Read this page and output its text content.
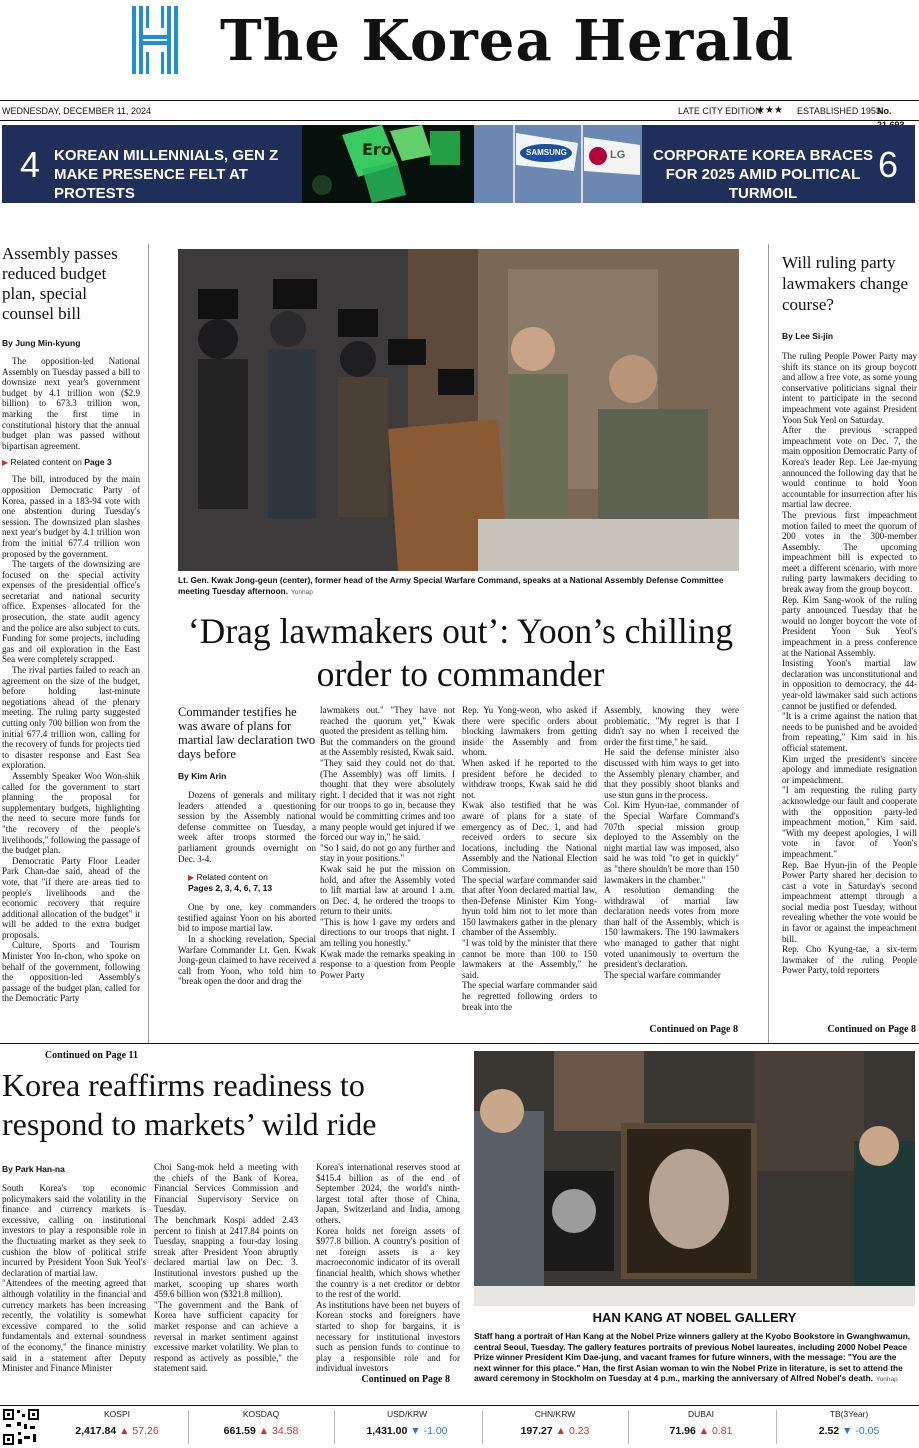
The Korea Herald
WEDNESDAY, DECEMBER 11, 2024	LATE CITY EDITION
★★★ ESTABLISHED 1953
No.
4 KOREAN MILLENNIALS, GEN Z MAKE PRESENCE FELT AT PROTESTS
Ero	SAMSUNG	LG	CORPORATE KOREA BRACES FOR 2025 AMID POLITICAL TURMOIL
6
Assembly passes reduced budget plan, special counsel bill
By Jung Min-kyung

The opposition-led National Assembly on Tuesday passed a bill to downsize next year's government budget by 4.1 trillion won ($2.9 billion) to 673.3 trillion won, marking the first time in constitutional history that the annual budget plan was passed without bipartisan agreement.

▶ Related content on Page 3

The bill, introduced by the main opposition Democratic Party of Korea, passed in a 183-94 vote with one abstention during Tuesday's session. The downsized plan slashes next year's budget by 4.1 trillion won from the initial 677.4 trillion won proposed by the government.

The targets of the downsizing are focused on the special activity expenses of the presidential office's secretariat and national security office. Expenses allocated for the prosecution, the state audit agency and the police are also subject to cuts. Funding for some projects, including gas and oil exploration in the East Sea were completely scrapped.

The rival parties failed to reach an agreement on the size of the budget, before holding last-minute negotiations ahead of the plenary meeting. The ruling party suggested cutting only 700 billion won from the initial 677.4 trillion won, calling for the recovery of funds for projects tied to disaster response and East Sea exploration.

Assembly Speaker Woo Won-shik called for the government to start planning the proposal for supplementary budgets, highlighting the need to secure more funds for "the recovery of the people's livelihoods," following the passage of the budget plan.

Democratic Party Floor Leader Park Chan-dae said, ahead of the vote, that "if there are areas tied to people's livelihoods and the economic recovery that require additional allocation of the budget" it will be added to the extra budget proposals.

Culture, Sports and Tourism Minister Yoo In-chon, who spoke on behalf of the government, following the opposition-led Assembly's passage of the budget plan, called for the Democratic Party

Continued on Page 11
Lt. Gen. Kwak Jong-geun (center), former head of the Army Special Warfare Command, speaks at a National Assembly Defense Committee meeting Tuesday afternoon. Yonhap
‘Drag lawmakers out’: Yoon’s chilling order to commander
Commander testifies he was aware of plans for martial law declaration two days before
By Kim Arin

Dozens of generals and military leaders attended a questioning session by the Assembly national defense committee on Tuesday, a week after troops stormed the parliament grounds overnight on Dec. 3-4.

▶ Related content on
Pages 2, 3, 4, 6, 7, 13

One by one, key commanders testified against Yoon on his aborted bid to impose martial law.

In a shocking revelation, Special Warfare Commander Lt. Gen. Kwak Jong-geun claimed to have received a call from Yoon, who told him to "break open the door and drag the

lawmakers out." "They have not reached the quorum yet," Kwak quoted the president as telling him.
But the commanders on the ground at the Assembly resisted, Kwak said.
"They said they could not do that. (The Assembly) was off limits. I thought that they were absolutely right. I decided that it was not right for our troops to go in, because they would be committing crimes and too many people would get injured if we forced our way in," he said.
"So I said, do not go any further and stay in your positions."
Kwak said he put the mission on hold, and after the Assembly voted to lift martial law at around 1 a.m. on Dec. 4, he ordered the troops to return to their units.
"This is how I gave my orders and directions to our troops that night. I am telling you honestly."
Kwak made the remarks speaking in response to a question from People Power Party
Rep. Yu Yong-weon, who asked if there were specific orders about blocking lawmakers from getting inside the Assembly and from whom.
When asked if he reported to the president before he decided to withdraw troops, Kwak said he did not.
Kwak also testified that he was aware of plans for a state of emergency as of Dec. 1, and had received orders to secure six locations, including the National Assembly and the National Election Commission.
The special warfare commander said that after Yoon declared martial law, then-Defense Minister Kim Yong-hyun told him not to let more than 150 lawmakers gather in the plenary chamber of the Assembly.
"I was told by the minister that there cannot be more than 100 to 150 lawmakers at the Assembly," he said.
The special warfare commander said he regretted following orders to break into the
Assembly, knowing they were problematic. "My regret is that I didn't say no when I received the order the first time," he said.
He said the defense minister also discussed with him ways to get into the Assembly plenary chamber, and that they possibly shoot blanks and use stun guns in the process.
Col. Kim Hyun-tae, commander of the Special Warfare Command's 707th special mission group deployed to the Assembly on the night martial law was imposed, also said he was told "to get in quickly" as "there shouldn't be more than 150 lawmakers in the chamber."
A resolution demanding the withdrawal of martial law declaration needs votes from more than half of the Assembly, which is 150 lawmakers. The 190 lawmakers who managed to gather that night voted unanimously to overturn the president's declaration.
The special warfare commander
Continued on Page 8
Will ruling party lawmakers change course?
By Lee Si-jin
The ruling People Power Party may shift its stance on its group boycott and allow a free vote, as some young conservative politicians signal their intent to participate in the second impeachment vote against President Yoon Suk Yeol on Saturday.
After the previous scrapped impeachment vote on Dec. 7, the main opposition Democratic Party of Korea's leader Rep. Lee Jae-myung announced the following day that he would continue to hold Yoon accountable for insurrection after his martial law decree.
The previous first impeachment motion failed to meet the quorum of 200 votes in the 300-member Assembly. The upcoming impeachment bill is expected to meet a different scenario, with more ruling party lawmakers deciding to break away from the group boycott.
Rep. Kim Sang-wook of the ruling party announced Tuesday that he would no longer boycott the vote of President Yoon Suk Yeol's impeachment in a press conference at the National Assembly.
Insisting Yoon's martial law declaration was unconstitutional and in opposition to democracy, the 44-year-old lawmaker said such actions cannot be justified or defended.
"It is a crime against the nation that needs to be punished and be avoided from repeating," Kim said in his official statement.
Kim urged the president's sincere apology and immediate resignation or impeachment.
"I am requesting the ruling party acknowledge our fault and cooperate with the opposition party-led impeachment motion," Kim said. "With my deepest apologies, I will vote in favor of Yoon's impeachment."
Rep. Bae Hyun-jin of the People Power Party shared her decision to cast a vote in Saturday's second impeachment attempt through a social media post Tuesday, without revealing whether the vote would be in favor or against the impeachment bill.
Rep. Cho Kyung-tae, a six-term lawmaker of the ruling People Power Party, told reporters
Continued on Page 8
Korea reaffirms readiness to respond to markets’ wild ride
By Park Han-na
South Korea's top economic policymakers said the volatility in the finance and currency markets is excessive, calling on institutional investors to play a responsible role in the fluctuating market as they seek to cushion the blow of political strife incurred by President Yoon Suk Yeol's declaration of martial law.
"Attendees of the meeting agreed that although volatility in the financial and currency markets has been increasing recently, the volatility is somewhat excessive compared to the solid fundamentals and external soundness of the economy," the finance ministry said in a statement after Deputy Minister and Finance Minister
Choi Sang-mok held a meeting with the chiefs of the Bank of Korea, Financial Services Commission and Financial Supervisory Service on Tuesday.
The benchmark Kospi added 2.43 percent to finish at 2417.84 points on Tuesday, snapping a four-day losing streak after President Yoon abruptly declared martial law on Dec. 3. Institutional investors pushed up the market, scooping up shares worth 459.6 billion won ($321.8 million).
"The government and the Bank of Korea have sufficient capacity for market response and can achieve a reversal in market sentiment against excessive market volatility. We plan to respond as actively as possible," the statement said.
Korea's international reserves stood at $415.4 billion as of the end of September 2024, the world's ninth-largest total after those of China, Japan, Switzerland and India, among others.
Korea holds net foreign assets of $977.8 billion. A country's position of net foreign assets is a key macroeconomic indicator of its overall financial health, which shows whether the country is a net creditor or debtor to the rest of the world.
As institutions have been net buyers of Korean stocks and foreigners have started to shop for bargains, it is necessary for institutional investors such as pension funds to continue to play a responsible role and for individual investors
Continued on Page 8
HAN KANG AT NOBEL GALLERY
Staff hang a portrait of Han Kang at the Nobel Prize winners gallery at the Kyobo Bookstore in Gwanghwamun, central Seoul, Tuesday. The gallery features portraits of previous Nobel laureates, including 2000 Nobel Peace Prize winner President Kim Dae-jung, and vacant frames for future winners, with the message: "You are the next winner for this place." Han, the first Asian woman to win the Nobel Prize in literature, is set to attend the award ceremony in Stockholm on Tuesday at 4 p.m., marking the anniversary of Alfred Nobel's death. Yonhap
KOSPI
2,417.84 ▲ 57.26
KOSDAQ
661.59 ▲ 34.58
USD/KRW
1,431.00 ▼ -1.00
CHN/KRW
197.27 ▲ 0.23
DUBAI
71.96 ▲ 0.81
TB(3Year)
2.52 ▼ -0.05
